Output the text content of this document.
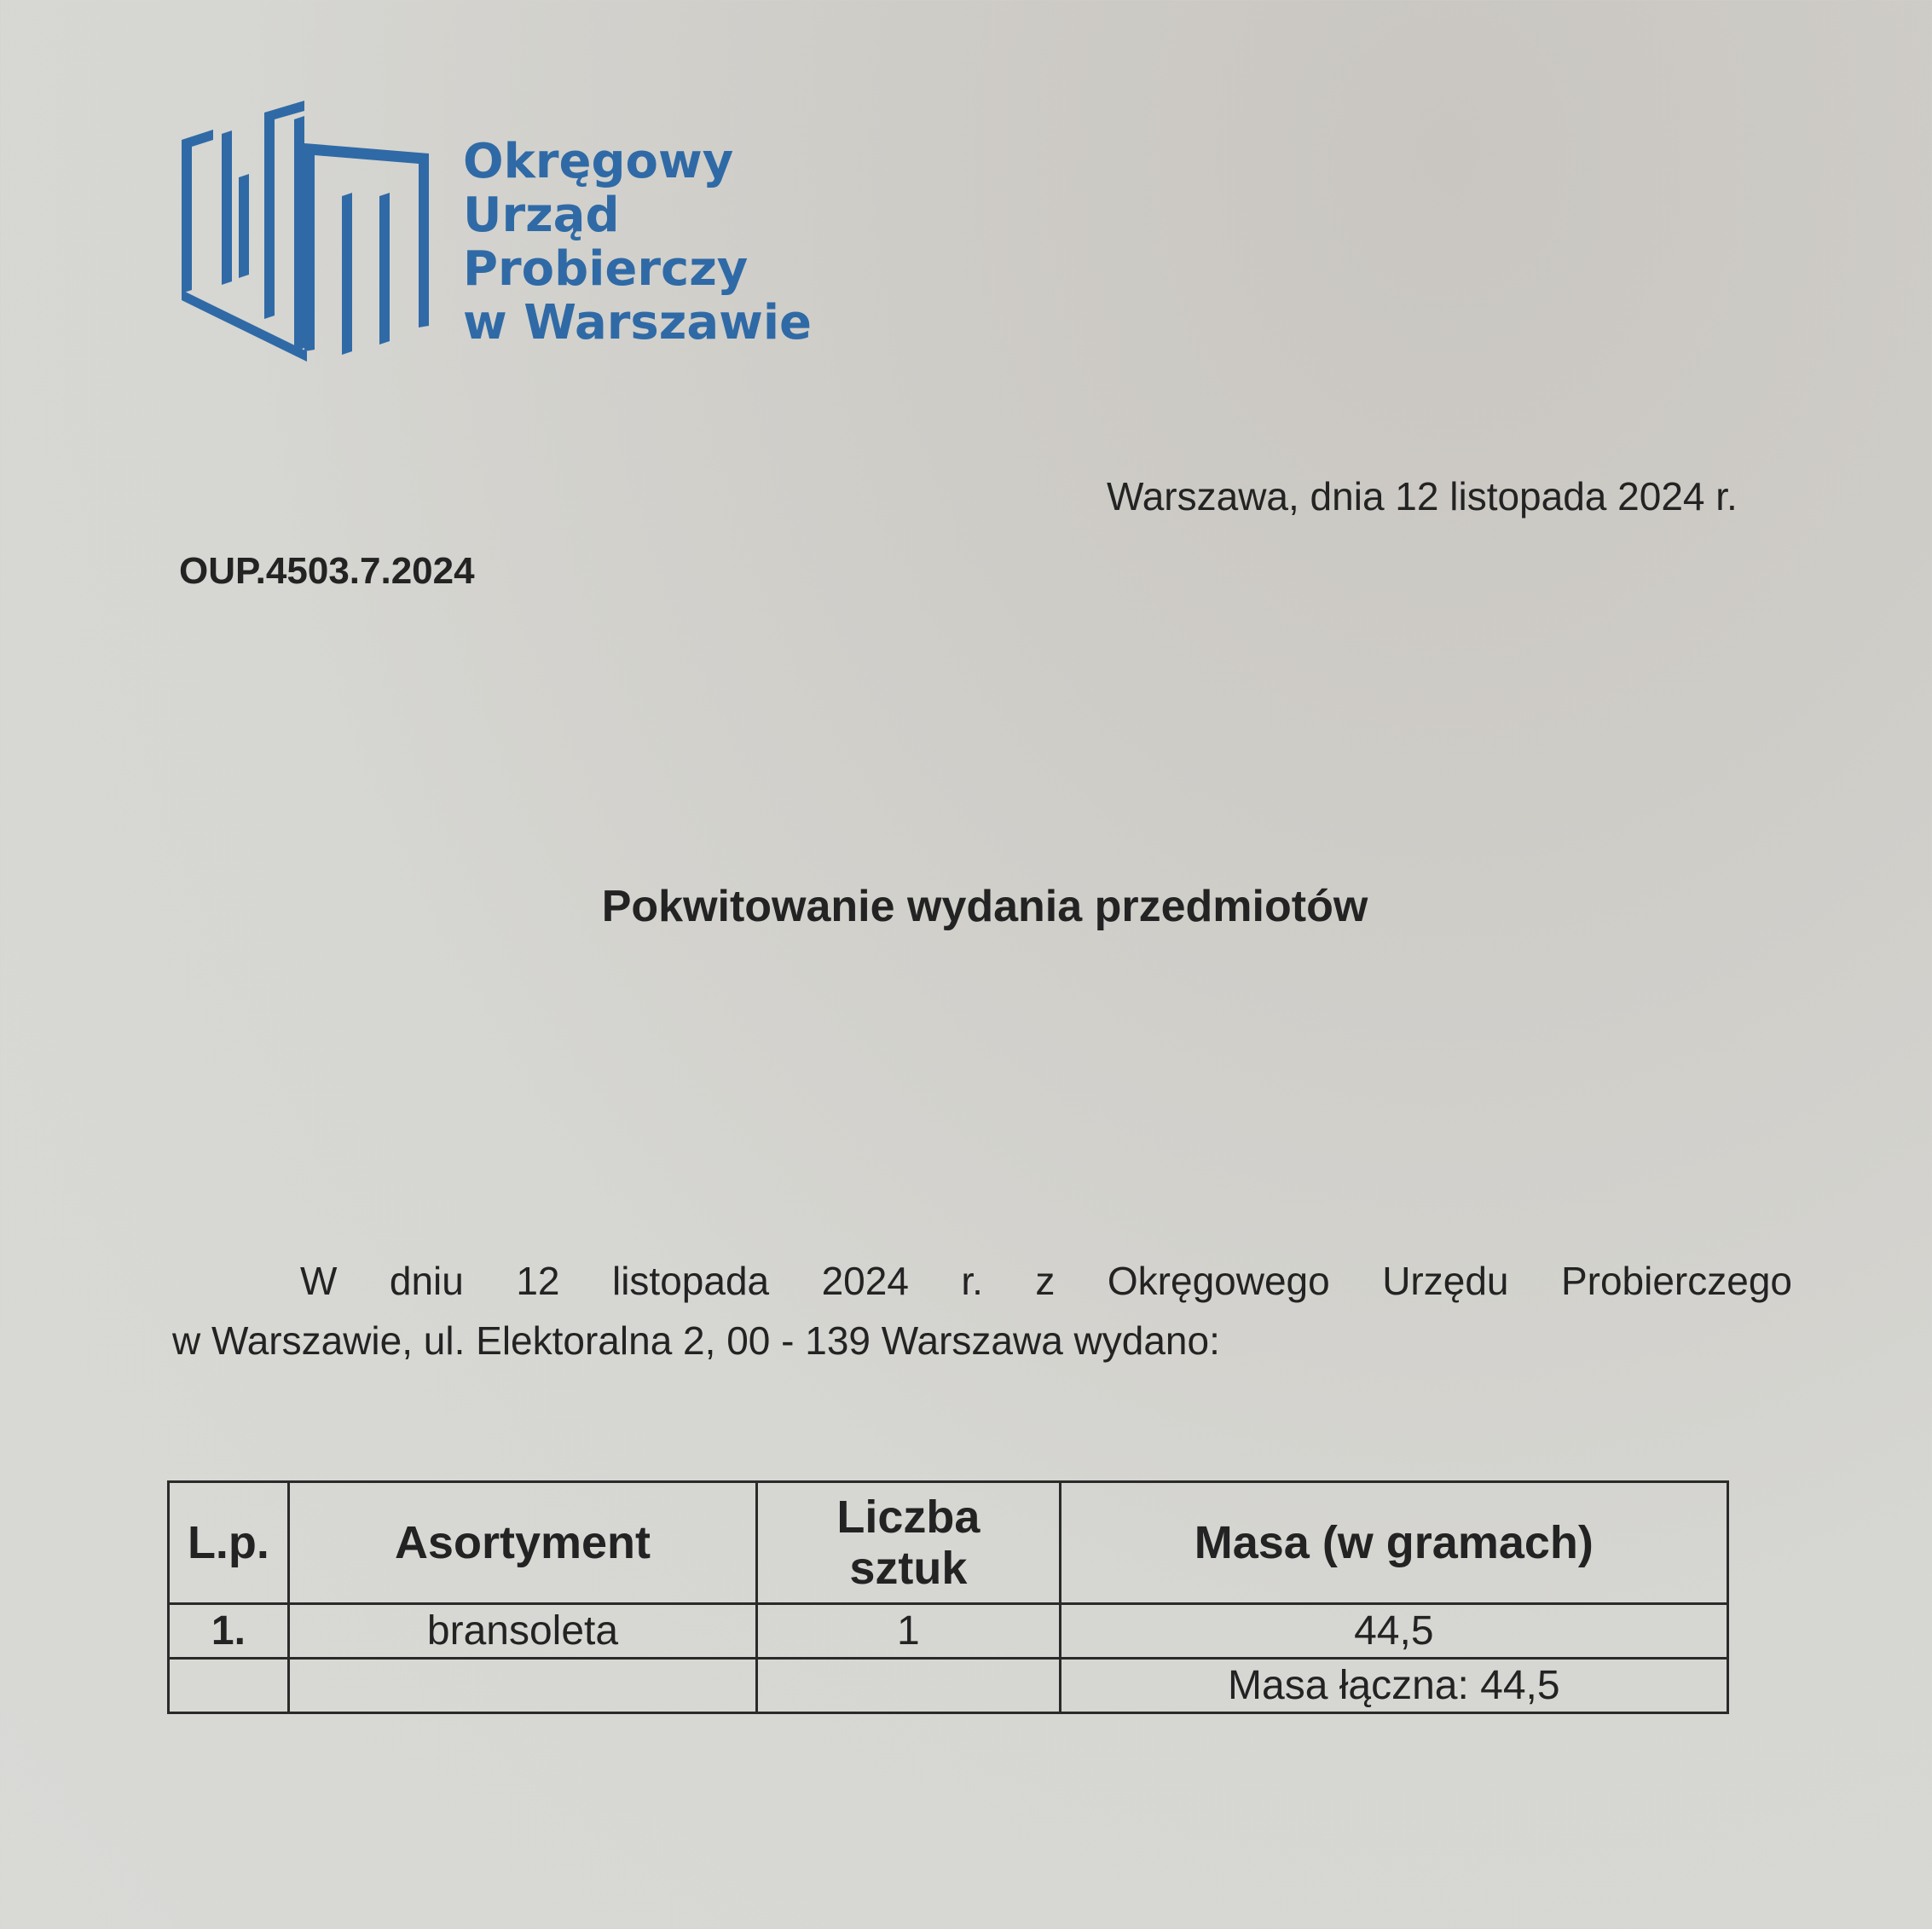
Okręgowy
Urząd
Probierczy
w Warszawie
Warszawa, dnia 12 listopada 2024 r.
OUP.4503.7.2024
Pokwitowanie wydania przedmiotów
W dniu 12 listopada 2024 r. z Okręgowego Urzędu Probierczego
w Warszawie, ul. Elektoralna 2, 00 - 139 Warszawa wydano:
L.p.	Asortyment	Liczba sztuk	Masa (w gramach)
1.	bransoleta	1	44,5
			Masa łączna: 44,5
